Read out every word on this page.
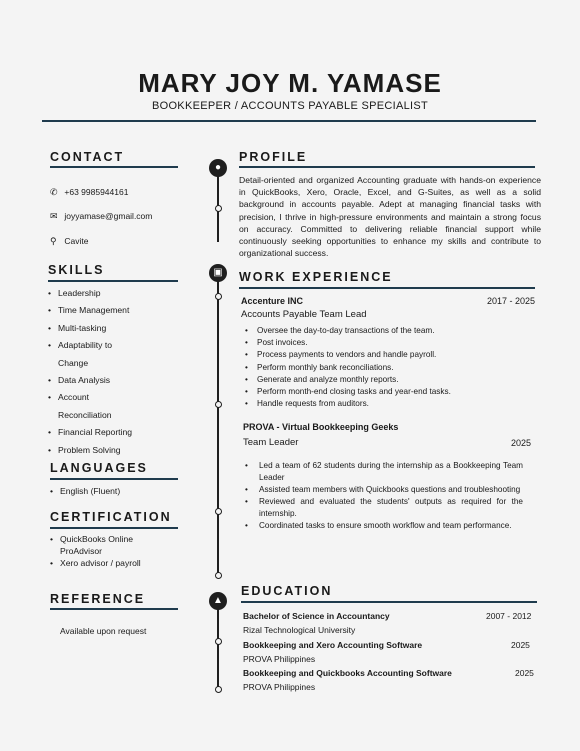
MARY JOY M. YAMASE
BOOKKEEPER / ACCOUNTS PAYABLE SPECIALIST
CONTACT
✆ +63 9985944161
✉ joyyamase@gmail.com
⚲ Cavite
SKILLS
• Leadership
• Time Management
• Multi-tasking
• Adaptability to
Change
• Data Analysis
• Account
Reconciliation
• Financial Reporting
• Problem Solving
LANGUAGES
• English (Fluent)
CERTIFICATION
• QuickBooks Online ProAdvisor
• Xero advisor / payroll
REFERENCE
Available upon request
●
▣
▲
PROFILE
Detail-oriented and organized Accounting graduate with hands-on experience in QuickBooks, Xero, Oracle, Excel, and G-Suites, as well as a solid background in accounts payable. Adept at managing financial tasks with precision, I thrive in high-pressure environments and maintain a strong focus on accuracy. Committed to delivering reliable financial support while continuously seeking opportunities to enhance my skills and contribute to organizational success.
WORK EXPERIENCE
Accenture INC	2017 - 2025
Accounts Payable Team Lead
• Oversee the day-to-day transactions of the team.
• Post invoices.
• Process payments to vendors and handle payroll.
• Perform monthly bank reconciliations.
• Generate and analyze monthly reports.
• Perform month-end closing tasks and year-end tasks.
• Handle requests from auditors.
PROVA - Virtual Bookkeeping Geeks
Team Leader	2025
• Led a team of 62 students during the internship as a Bookkeeping Team Leader
• Assisted team members with Quickbooks questions and troubleshooting
• Reviewed and evaluated the students' outputs as required for the internship.
• Coordinated tasks to ensure smooth workflow and team performance.
EDUCATION
Bachelor of Science in Accountancy	2007 - 2012
Rizal Technological University
Bookkeeping and Xero Accounting Software	2025
PROVA Philippines
Bookkeeping and Quickbooks Accounting Software	2025
PROVA Philippines
